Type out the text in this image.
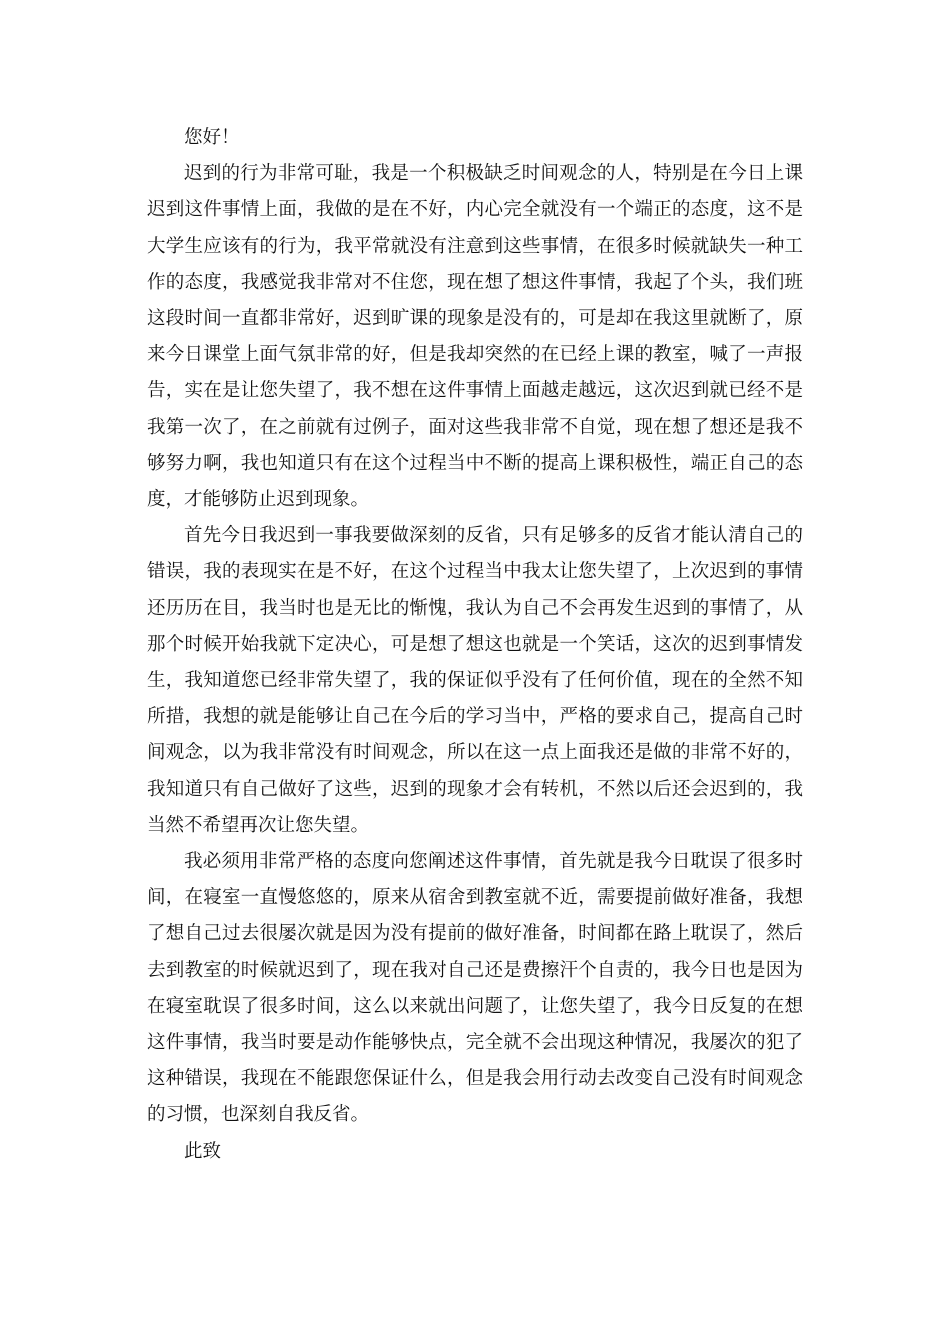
您好！

迟到的行为非常可耻，我是一个积极缺乏时间观念的人，特别是在今日上课迟到这件事情上面，我做的是在不好，内心完全就没有一个端正的态度，这不是大学生应该有的行为，我平常就没有注意到这些事情，在很多时候就缺失一种工作的态度，我感觉我非常对不住您，现在想了想这件事情，我起了个头，我们班这段时间一直都非常好，迟到旷课的现象是没有的，可是却在我这里就断了，原来今日课堂上面气氛非常的好，但是我却突然的在已经上课的教室，喊了一声报告，实在是让您失望了，我不想在这件事情上面越走越远，这次迟到就已经不是我第一次了，在之前就有过例子，面对这些我非常不自觉，现在想了想还是我不够努力啊，我也知道只有在这个过程当中不断的提高上课积极性，端正自己的态度，才能够防止迟到现象。

首先今日我迟到一事我要做深刻的反省，只有足够多的反省才能认清自己的错误，我的表现实在是不好，在这个过程当中我太让您失望了，上次迟到的事情还历历在目，我当时也是无比的惭愧，我认为自己不会再发生迟到的事情了，从那个时候开始我就下定决心，可是想了想这也就是一个笑话，这次的迟到事情发生，我知道您已经非常失望了，我的保证似乎没有了任何价值，现在的全然不知所措，我想的就是能够让自己在今后的学习当中，严格的要求自己，提高自己时间观念，以为我非常没有时间观念，所以在这一点上面我还是做的非常不好的，我知道只有自己做好了这些，迟到的现象才会有转机，不然以后还会迟到的，我当然不希望再次让您失望。

我必须用非常严格的态度向您阐述这件事情，首先就是我今日耽误了很多时间，在寝室一直慢悠悠的，原来从宿舍到教室就不近，需要提前做好准备，我想了想自己过去很屡次就是因为没有提前的做好准备，时间都在路上耽误了，然后去到教室的时候就迟到了，现在我对自己还是费擦汗个自责的，我今日也是因为在寝室耽误了很多时间，这么以来就出问题了，让您失望了，我今日反复的在想这件事情，我当时要是动作能够快点，完全就不会出现这种情况，我屡次的犯了这种错误，我现在不能跟您保证什么，但是我会用行动去改变自己没有时间观念的习惯，也深刻自我反省。

此致
